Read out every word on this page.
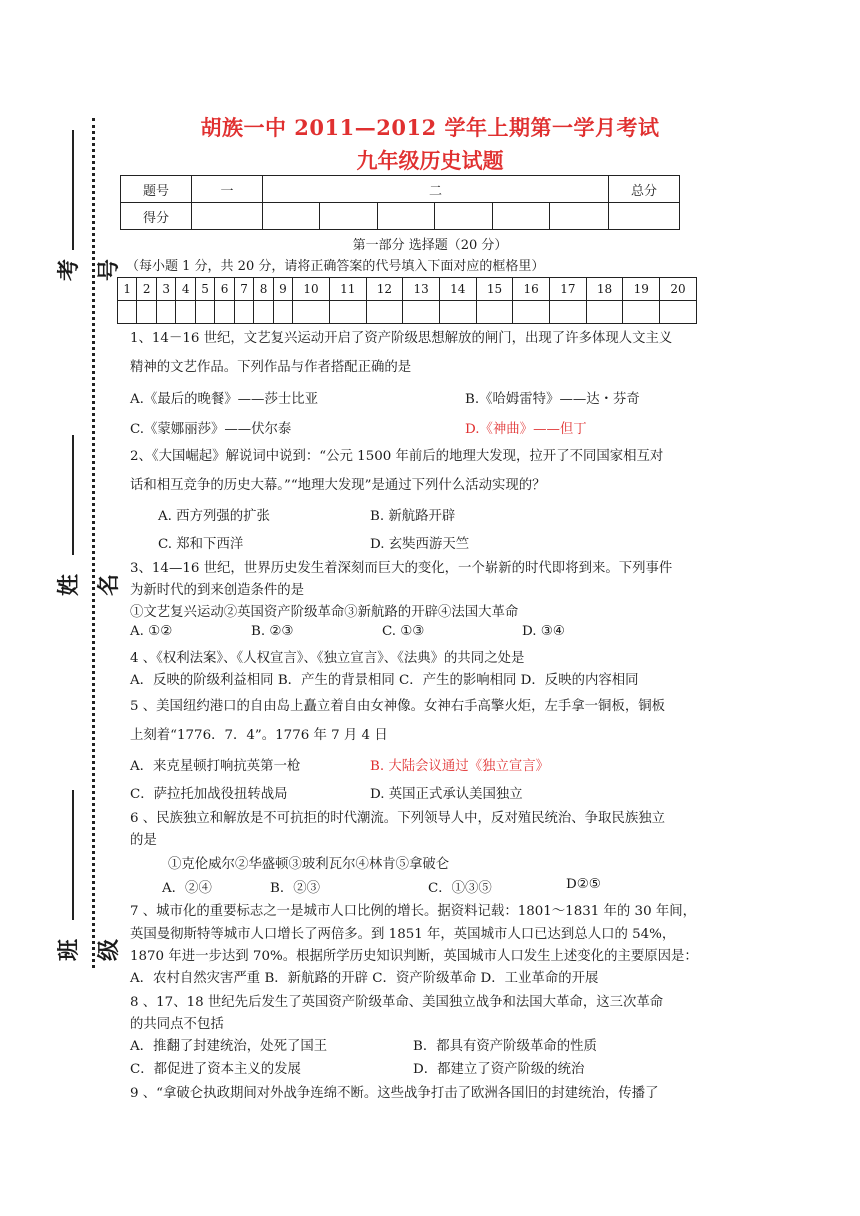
考号
姓名
班级
胡族一中 2011—2012 学年上期第一学月考试
九年级历史试题
题号	一	二						总分
得分								
第一部分 选择题（20 分）
（每小题 1 分，共 20 分，请将正确答案的代号填入下面对应的框格里）
1	2	3	4	5	6	7	8	9	10	11	12	13	14	15	16	17	18	19	20

1、14－16 世纪，文艺复兴运动开启了资产阶级思想解放的闸门，出现了许多体现人文主义
精神的文艺作品。下列作品与作者搭配正确的是
A.《最后的晚餐》——莎士比亚	B.《哈姆雷特》——达・芬奇
C.《蒙娜丽莎》——伏尔泰	D.《神曲》——但丁
2、《大国崛起》解说词中说到：“公元 1500 年前后的地理大发现，拉开了不同国家相互对
话和相互竞争的历史大幕。”“地理大发现”是通过下列什么活动实现的？
A. 西方列强的扩张	B. 新航路开辟
C. 郑和下西洋	D. 玄奘西游天竺
3、14—16 世纪，世界历史发生着深刻而巨大的变化，一个崭新的时代即将到来。下列事件
为新时代的到来创造条件的是
①文艺复兴运动②英国资产阶级革命③新航路的开辟④法国大革命
A. ①②	B. ②③	C. ①③	D. ③④
4 、《权利法案》、《人权宣言》、《独立宣言》、《法典》的共同之处是
A．反映的阶级利益相同 B．产生的背景相同 C．产生的影响相同 D．反映的内容相同
5 、美国纽约港口的自由岛上矗立着自由女神像。女神右手高擎火炬，左手拿一铜板，铜板
上刻着“1776．7．4”。1776 年 7 月 4 日
A．来克星顿打响抗英第一枪	B. 大陆会议通过《独立宣言》
C．萨拉托加战役扭转战局	D. 英国正式承认美国独立
6 、民族独立和解放是不可抗拒的时代潮流。下列领导人中，反对殖民统治、争取民族独立
的是
①克伦威尔②华盛顿③玻利瓦尔④林肯⑤拿破仑
A．②④	B．②③	C．①③⑤	D②⑤
7 、城市化的重要标志之一是城市人口比例的增长。据资料记载：1801～1831 年的 30 年间，
英国曼彻斯特等城市人口增长了两倍多。到 1851 年，英国城市人口已达到总人口的 54%，
1870 年进一步达到 70%。根据所学历史知识判断，英国城市人口发生上述变化的主要原因是：
A．农村自然灾害严重 B．新航路的开辟 C．资产阶级革命 D．工业革命的开展
8 、17、18 世纪先后发生了英国资产阶级革命、美国独立战争和法国大革命，这三次革命
的共同点不包括
A．推翻了封建统治，处死了国王	B．都具有资产阶级革命的性质
C．都促进了资本主义的发展	D．都建立了资产阶级的统治
9 、“拿破仑执政期间对外战争连绵不断。这些战争打击了欧洲各国旧的封建统治，传播了
